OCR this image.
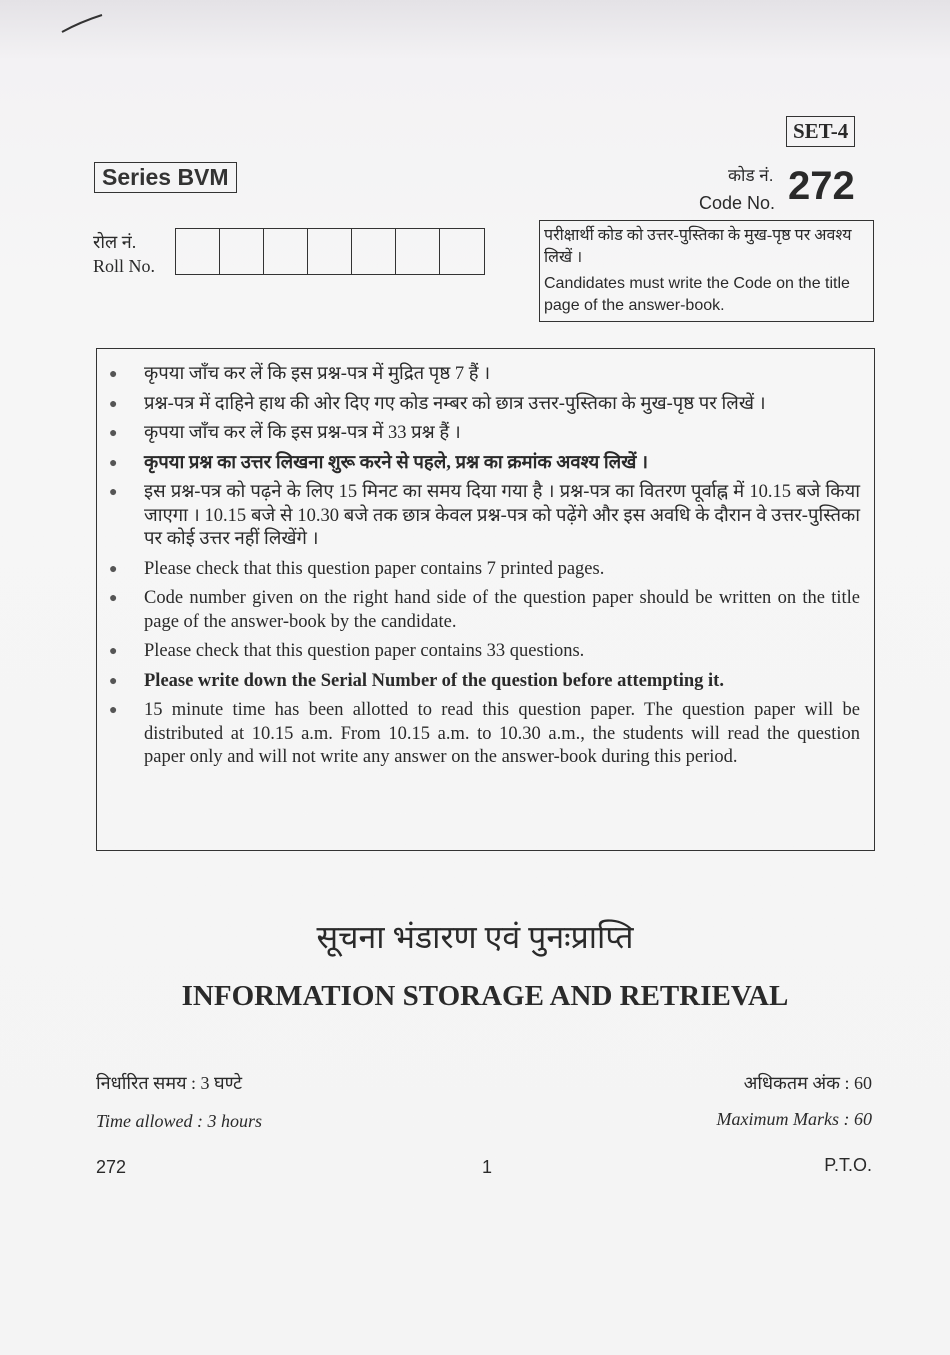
SET-4
Series BVM	कोड नं.
Code No. 272
रोल नं.
Roll No.
परीक्षार्थी कोड को उत्तर-पुस्तिका के मुख-पृष्ठ पर अवश्य लिखें ।
Candidates must write the Code on the title page of the answer-book.
●	कृपया जाँच कर लें कि इस प्रश्न-पत्र में मुद्रित पृष्ठ 7 हैं ।
●	प्रश्न-पत्र में दाहिने हाथ की ओर दिए गए कोड नम्बर को छात्र उत्तर-पुस्तिका के मुख-पृष्ठ पर लिखें ।
●	कृपया जाँच कर लें कि इस प्रश्न-पत्र में 33 प्रश्न हैं ।
●	कृपया प्रश्न का उत्तर लिखना शुरू करने से पहले, प्रश्न का क्रमांक अवश्य लिखें ।
●	इस प्रश्न-पत्र को पढ़ने के लिए 15 मिनट का समय दिया गया है । प्रश्न-पत्र का वितरण पूर्वाह्न में 10.15 बजे किया जाएगा । 10.15 बजे से 10.30 बजे तक छात्र केवल प्रश्न-पत्र को पढ़ेंगे और इस अवधि के दौरान वे उत्तर-पुस्तिका पर कोई उत्तर नहीं लिखेंगे ।
●	Please check that this question paper contains 7 printed pages.
●	Code number given on the right hand side of the question paper should be written on the title page of the answer-book by the candidate.
●	Please check that this question paper contains 33 questions.
●	Please write down the Serial Number of the question before attempting it.
●	15 minute time has been allotted to read this question paper. The question paper will be distributed at 10.15 a.m. From 10.15 a.m. to 10.30 a.m., the students will read the question paper only and will not write any answer on the answer-book during this period.
सूचना भंडारण एवं पुनःप्राप्ति
INFORMATION STORAGE AND RETRIEVAL
निर्धारित समय : 3 घण्टे
Time allowed : 3 hours
अधिकतम अंक : 60
Maximum Marks : 60
272	1	P.T.O.
